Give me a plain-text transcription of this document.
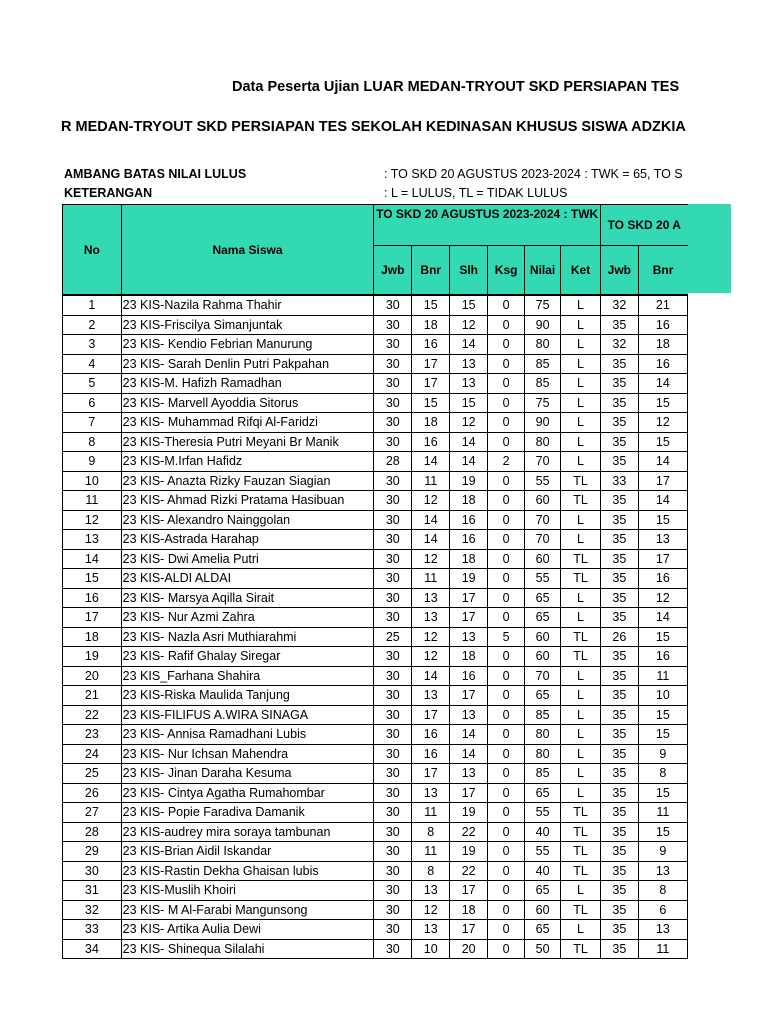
Data Peserta Ujian LUAR MEDAN-TRYOUT SKD PERSIAPAN TES
R MEDAN-TRYOUT SKD PERSIAPAN TES SEKOLAH KEDINASAN KHUSUS SISWA ADZKIA
AMBANG BATAS NILAI LULUS	: TO SKD 20 AGUSTUS 2023-2024 : TWK = 65, TO S
KETERANGAN	: L = LULUS, TL = TIDAK LULUS
No	Nama Siswa	TO SKD 20 AGUSTUS 2023-2024 : TWK						TO SKD 20 A	
		Jwb	Bnr	Slh	Ksg	Nilai	Ket	Jwb	Bnr
1	23 KIS-Nazila Rahma Thahir	30	15	15	0	75	L	32	21
2	23 KIS-Friscilya Simanjuntak	30	18	12	0	90	L	35	16
3	23 KIS- Kendio Febrian Manurung	30	16	14	0	80	L	32	18
4	23 KIS- Sarah Denlin Putri Pakpahan	30	17	13	0	85	L	35	16
5	23 KIS-M. Hafizh Ramadhan	30	17	13	0	85	L	35	14
6	23 KIS- Marvell Ayoddia Sitorus	30	15	15	0	75	L	35	15
7	23 KIS- Muhammad Rifqi Al-Faridzi	30	18	12	0	90	L	35	12
8	23 KIS-Theresia Putri Meyani Br Manik	30	16	14	0	80	L	35	15
9	23 KIS-M.Irfan Hafidz	28	14	14	2	70	L	35	14
10	23 KIS- Anazta Rizky Fauzan Siagian	30	11	19	0	55	TL	33	17
11	23 KIS- Ahmad Rizki Pratama Hasibuan	30	12	18	0	60	TL	35	14
12	23 KIS- Alexandro Nainggolan	30	14	16	0	70	L	35	15
13	23 KIS-Astrada Harahap	30	14	16	0	70	L	35	13
14	23 KIS- Dwi Amelia Putri	30	12	18	0	60	TL	35	17
15	23 KIS-ALDI ALDAI	30	11	19	0	55	TL	35	16
16	23 KIS- Marsya Aqilla Sirait	30	13	17	0	65	L	35	12
17	23 KIS- Nur Azmi Zahra	30	13	17	0	65	L	35	14
18	23 KIS- Nazla Asri Muthiarahmi	25	12	13	5	60	TL	26	15
19	23 KIS- Rafif Ghalay Siregar	30	12	18	0	60	TL	35	16
20	23 KIS_Farhana Shahira	30	14	16	0	70	L	35	11
21	23 KIS-Riska Maulida Tanjung	30	13	17	0	65	L	35	10
22	23 KIS-FILIFUS A.WIRA SINAGA	30	17	13	0	85	L	35	15
23	23 KIS- Annisa Ramadhani Lubis	30	16	14	0	80	L	35	15
24	23 KIS- Nur Ichsan Mahendra	30	16	14	0	80	L	35	9
25	23 KIS- Jinan Daraha Kesuma	30	17	13	0	85	L	35	8
26	23 KIS- Cintya Agatha Rumahombar	30	13	17	0	65	L	35	15
27	23 KIS- Popie Faradiva Damanik	30	11	19	0	55	TL	35	11
28	23 KIS-audrey mira soraya tambunan	30	8	22	0	40	TL	35	15
29	23 KIS-Brian Aidil Iskandar	30	11	19	0	55	TL	35	9
30	23 KIS-Rastin Dekha Ghaisan lubis	30	8	22	0	40	TL	35	13
31	23 KIS-Muslih Khoiri	30	13	17	0	65	L	35	8
32	23 KIS- M Al-Farabi Mangunsong	30	12	18	0	60	TL	35	6
33	23 KIS- Artika Aulia Dewi	30	13	17	0	65	L	35	13
34	23 KIS- Shinequa Silalahi	30	10	20	0	50	TL	35	11
